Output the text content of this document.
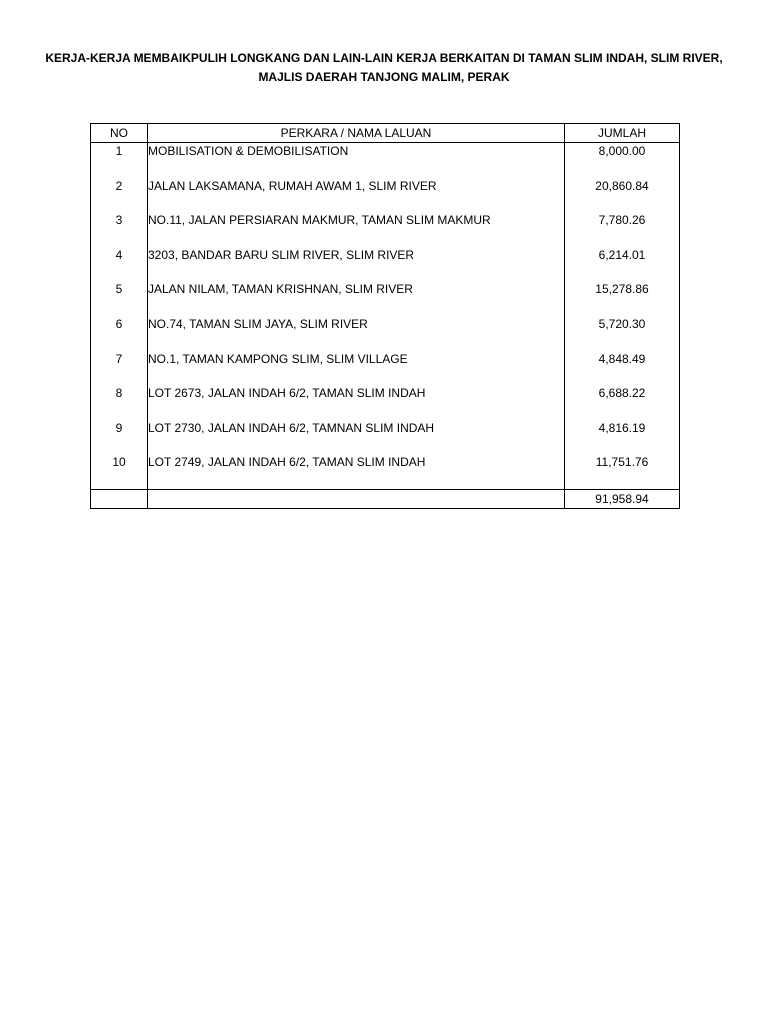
KERJA-KERJA MEMBAIKPULIH LONGKANG DAN LAIN-LAIN KERJA BERKAITAN DI TAMAN SLIM INDAH, SLIM RIVER,
MAJLIS DAERAH TANJONG MALIM, PERAK
NO	PERKARA / NAMA LALUAN	JUMLAH
1	MOBILISATION & DEMOBILISATION	8,000.00
2	JALAN LAKSAMANA, RUMAH AWAM 1, SLIM RIVER	20,860.84
3	NO.11, JALAN PERSIARAN MAKMUR, TAMAN SLIM MAKMUR	7,780.26
4	3203, BANDAR BARU SLIM RIVER, SLIM RIVER	6,214.01
5	JALAN NILAM, TAMAN KRISHNAN, SLIM RIVER	15,278.86
6	NO.74, TAMAN SLIM JAYA, SLIM RIVER	5,720.30
7	NO.1, TAMAN KAMPONG SLIM, SLIM VILLAGE	4,848.49
8	LOT 2673, JALAN INDAH 6/2, TAMAN SLIM INDAH	6,688.22
9	LOT 2730, JALAN INDAH 6/2, TAMNAN SLIM INDAH	4,816.19
10	LOT 2749, JALAN INDAH 6/2, TAMAN SLIM INDAH	11,751.76
		91,958.94
